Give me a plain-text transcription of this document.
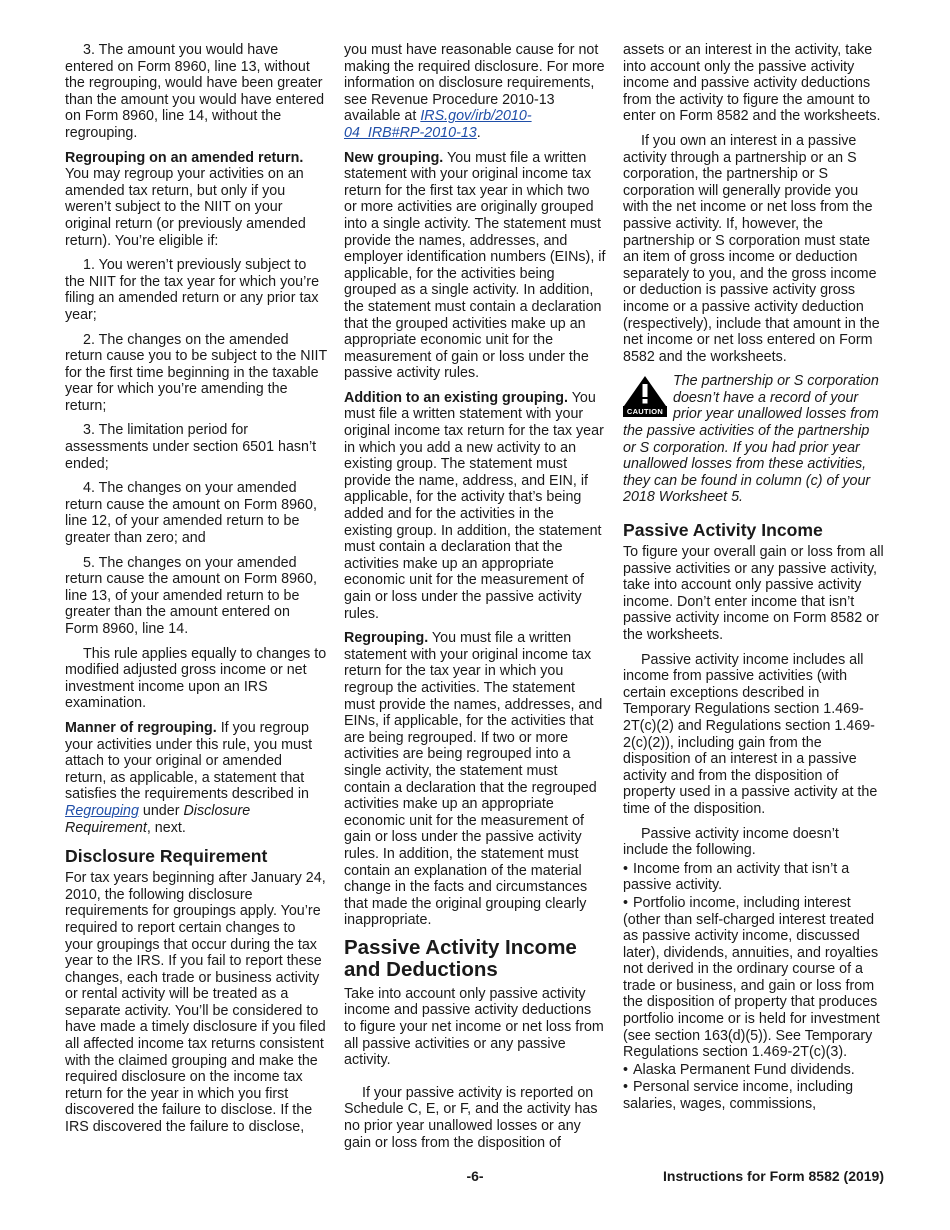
3. The amount you would have entered on Form 8960, line 13, without the regrouping, would have been greater than the amount you would have entered on Form 8960, line 14, without the regrouping.

Regrouping on an amended return. You may regroup your activities on an amended tax return, but only if you weren’t subject to the NIIT on your original return (or previously amended return). You’re eligible if:

1. You weren’t previously subject to the NIIT for the tax year for which you’re filing an amended return or any prior tax year;

2. The changes on the amended return cause you to be subject to the NIIT for the first time beginning in the taxable year for which you’re amending the return;

3. The limitation period for assessments under section 6501 hasn’t ended;

4. The changes on your amended return cause the amount on Form 8960, line 12, of your amended return to be greater than zero; and

5. The changes on your amended return cause the amount on Form 8960, line 13, of your amended return to be greater than the amount entered on Form 8960, line 14.

This rule applies equally to changes to modified adjusted gross income or net investment income upon an IRS examination.

Manner of regrouping. If you regroup your activities under this rule, you must attach to your original or amended return, as applicable, a statement that satisfies the requirements described in Regrouping under Disclosure Requirement, next.

Disclosure Requirement

For tax years beginning after January 24, 2010, the following disclosure requirements for groupings apply. You’re required to report certain changes to your groupings that occur during the tax year to the IRS. If you fail to report these changes, each trade or business activity or rental activity will be treated as a separate activity. You’ll be considered to have made a timely disclosure if you filed all affected income tax returns consistent with the claimed grouping and make the required disclosure on the income tax return for the year in which you first discovered the failure to disclose. If the IRS discovered the failure to disclose,

you must have reasonable cause for not making the required disclosure. For more information on disclosure requirements, see Revenue Procedure 2010-13 available at IRS.gov/irb/2010-04_IRB#RP-2010-13.

New grouping. You must file a written statement with your original income tax return for the first tax year in which two or more activities are originally grouped into a single activity. The statement must provide the names, addresses, and employer identification numbers (EINs), if applicable, for the activities being grouped as a single activity. In addition, the statement must contain a declaration that the grouped activities make up an appropriate economic unit for the measurement of gain or loss under the passive activity rules.

Addition to an existing grouping. You must file a written statement with your original income tax return for the tax year in which you add a new activity to an existing group. The statement must provide the name, address, and EIN, if applicable, for the activity that’s being added and for the activities in the existing group. In addition, the statement must contain a declaration that the activities make up an appropriate economic unit for the measurement of gain or loss under the passive activity rules.

Regrouping. You must file a written statement with your original income tax return for the tax year in which you regroup the activities. The statement must provide the names, addresses, and EINs, if applicable, for the activities that are being regrouped. If two or more activities are being regrouped into a single activity, the statement must contain a declaration that the regrouped activities make up an appropriate economic unit for the measurement of gain or loss under the passive activity rules. In addition, the statement must contain an explanation of the material change in the facts and circumstances that made the original grouping clearly inappropriate.

Passive Activity Income and Deductions

Take into account only passive activity income and passive activity deductions to figure your net income or net loss from all passive activities or any passive activity.

If your passive activity is reported on Schedule C, E, or F, and the activity has no prior year unallowed losses or any gain or loss from the disposition of

assets or an interest in the activity, take into account only the passive activity income and passive activity deductions from the activity to figure the amount to enter on Form 8582 and the worksheets.

If you own an interest in a passive activity through a partnership or an S corporation, the partnership or S corporation will generally provide you with the net income or net loss from the passive activity. If, however, the partnership or S corporation must state an item of gross income or deduction separately to you, and the gross income or deduction is passive activity gross income or a passive activity deduction (respectively), include that amount in the net income or net loss entered on Form 8582 and the worksheets.

CAUTION
The partnership or S corporation doesn’t have a record of your prior year unallowed losses from the passive activities of the partnership or S corporation. If you had prior year unallowed losses from these activities, they can be found in column (c) of your 2018 Worksheet 5.
Passive Activity Income

To figure your overall gain or loss from all passive activities or any passive activity, take into account only passive activity income. Don’t enter income that isn’t passive activity income on Form 8582 or the worksheets.

Passive activity income includes all income from passive activities (with certain exceptions described in Temporary Regulations section 1.469-2T(c)(2) and Regulations section 1.469-2(c)(2)), including gain from the disposition of an interest in a passive activity and from the disposition of property used in a passive activity at the time of the disposition.

Passive activity income doesn’t include the following.

• Income from an activity that isn’t a passive activity.

• Portfolio income, including interest (other than self-charged interest treated as passive activity income, discussed later), dividends, annuities, and royalties not derived in the ordinary course of a trade or business, and gain or loss from the disposition of property that produces portfolio income or is held for investment (see section 163(d)(5)). See Temporary Regulations section 1.469-2T(c)(3).

• Alaska Permanent Fund dividends.

• Personal service income, including salaries, wages, commissions,

-6-	Instructions for Form 8582 (2019)
